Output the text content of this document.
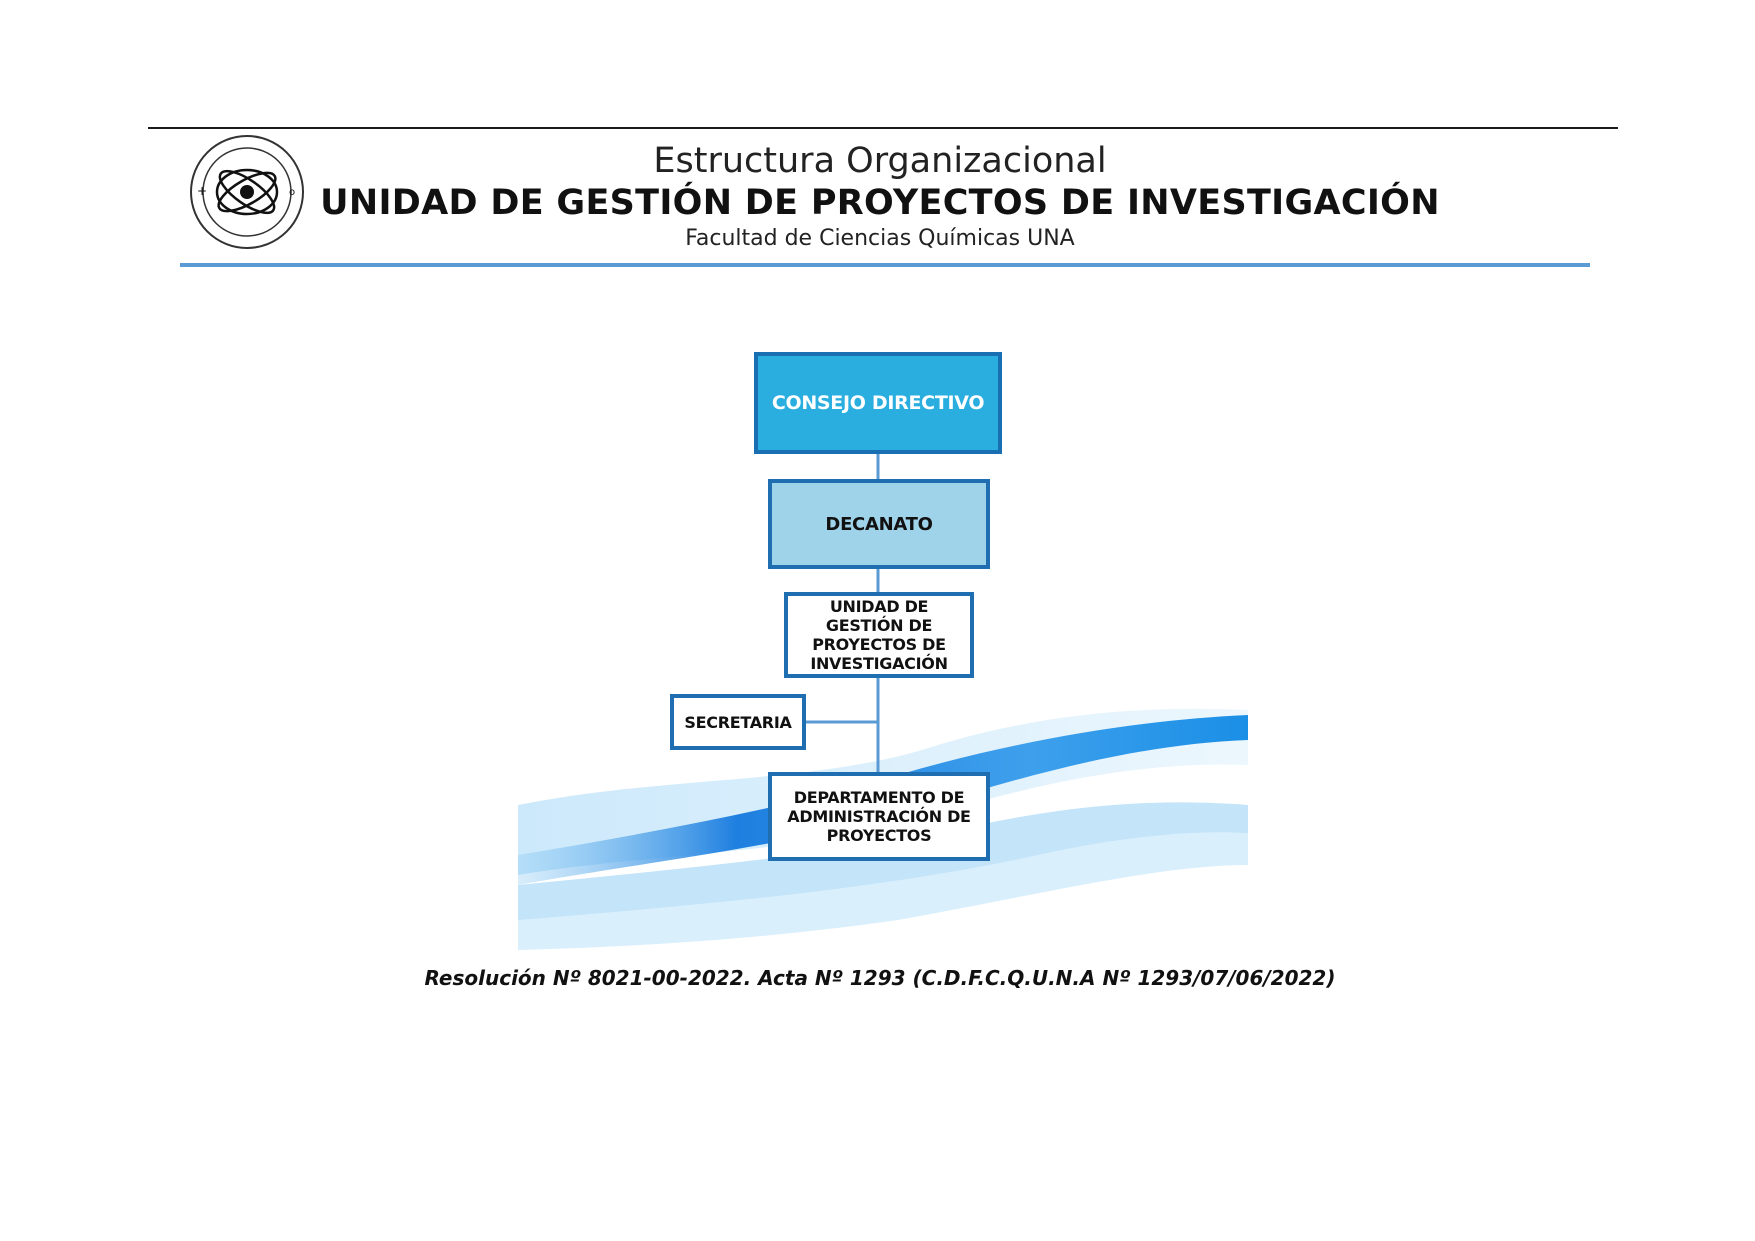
+	o
Estructura Organizacional
UNIDAD DE GESTIÓN DE PROYECTOS DE INVESTIGACIÓN
Facultad de Ciencias Químicas UNA
CONSEJO DIRECTIVO
DECANATO
UNIDAD DE GESTIÓN DE PROYECTOS DE INVESTIGACIÓN
SECRETARIA
DEPARTAMENTO DE ADMINISTRACIÓN DE PROYECTOS
Resolución Nº 8021-00-2022. Acta Nº 1293 (C.D.F.C.Q.U.N.A Nº 1293/07/06/2022)
